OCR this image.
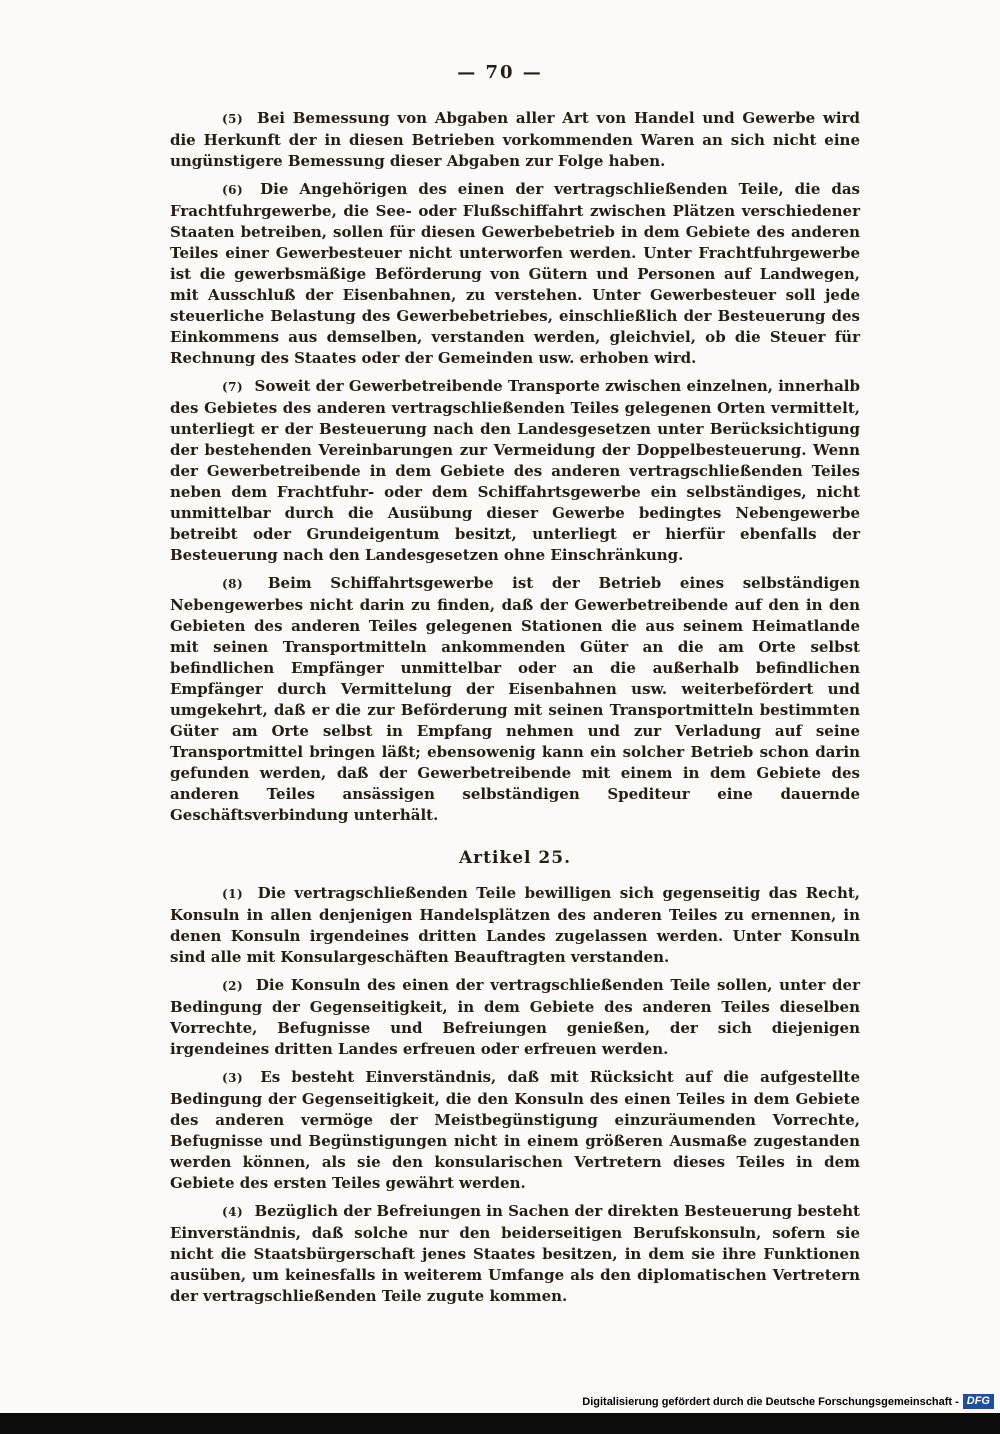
— 70 —

(5) Bei Bemessung von Abgaben aller Art von Handel und Gewerbe wird die Herkunft der in diesen Betrieben vorkommenden Waren an sich nicht eine ungünstigere Bemessung dieser Abgaben zur Folge haben.

(6) Die Angehörigen des einen der vertragschließenden Teile, die das Frachtfuhrgewerbe, die See- oder Flußschiffahrt zwischen Plätzen verschiedener Staaten betreiben, sollen für diesen Gewerbebetrieb in dem Gebiete des anderen Teiles einer Gewerbesteuer nicht unterworfen werden. Unter Frachtfuhrgewerbe ist die gewerbsmäßige Beförderung von Gütern und Personen auf Landwegen, mit Ausschluß der Eisenbahnen, zu verstehen. Unter Gewerbesteuer soll jede steuerliche Belastung des Gewerbebetriebes, einschließlich der Besteuerung des Einkommens aus demselben, verstanden werden, gleichviel, ob die Steuer für Rechnung des Staates oder der Gemeinden usw. erhoben wird.

(7) Soweit der Gewerbetreibende Transporte zwischen einzelnen, innerhalb des Gebietes des anderen vertragschließenden Teiles gelegenen Orten vermittelt, unterliegt er der Besteuerung nach den Landesgesetzen unter Berücksichtigung der bestehenden Vereinbarungen zur Vermeidung der Doppelbesteuerung. Wenn der Gewerbetreibende in dem Gebiete des anderen vertragschließenden Teiles neben dem Frachtfuhr- oder dem Schiffahrtsgewerbe ein selbständiges, nicht unmittelbar durch die Ausübung dieser Gewerbe bedingtes Nebengewerbe betreibt oder Grundeigentum besitzt, unterliegt er hierfür ebenfalls der Besteuerung nach den Landesgesetzen ohne Einschränkung.

(8) Beim Schiffahrtsgewerbe ist der Betrieb eines selbständigen Nebengewerbes nicht darin zu finden, daß der Gewerbetreibende auf den in den Gebieten des anderen Teiles gelegenen Stationen die aus seinem Heimatlande mit seinen Transportmitteln ankommenden Güter an die am Orte selbst befindlichen Empfänger unmittelbar oder an die außerhalb befindlichen Empfänger durch Vermittelung der Eisenbahnen usw. weiterbefördert und umgekehrt, daß er die zur Beförderung mit seinen Transportmitteln bestimmten Güter am Orte selbst in Empfang nehmen und zur Verladung auf seine Transportmittel bringen läßt; ebensowenig kann ein solcher Betrieb schon darin gefunden werden, daß der Gewerbetreibende mit einem in dem Gebiete des anderen Teiles ansässigen selbständigen Spediteur eine dauernde Geschäftsverbindung unterhält.

Artikel 25.

(1) Die vertragschließenden Teile bewilligen sich gegenseitig das Recht, Konsuln in allen denjenigen Handelsplätzen des anderen Teiles zu ernennen, in denen Konsuln irgendeines dritten Landes zugelassen werden. Unter Konsuln sind alle mit Konsulargeschäften Beauftragten verstanden.

(2) Die Konsuln des einen der vertragschließenden Teile sollen, unter der Bedingung der Gegenseitigkeit, in dem Gebiete des anderen Teiles dieselben Vorrechte, Befugnisse und Befreiungen genießen, der sich diejenigen irgendeines dritten Landes erfreuen oder erfreuen werden.

(3) Es besteht Einverständnis, daß mit Rücksicht auf die aufgestellte Bedingung der Gegenseitigkeit, die den Konsuln des einen Teiles in dem Gebiete des anderen vermöge der Meistbegünstigung einzuräumenden Vorrechte, Befugnisse und Begünstigungen nicht in einem größeren Ausmaße zugestanden werden können, als sie den konsularischen Vertretern dieses Teiles in dem Gebiete des ersten Teiles gewährt werden.

(4) Bezüglich der Befreiungen in Sachen der direkten Besteuerung besteht Einverständnis, daß solche nur den beiderseitigen Berufskonsuln, sofern sie nicht die Staatsbürgerschaft jenes Staates besitzen, in dem sie ihre Funktionen ausüben, um keinesfalls in weiterem Umfange als den diplomatischen Vertretern der vertragschließenden Teile zugute kommen.

Digitalisierung gefördert durch die Deutsche Forschungsgemeinschaft - DFG
